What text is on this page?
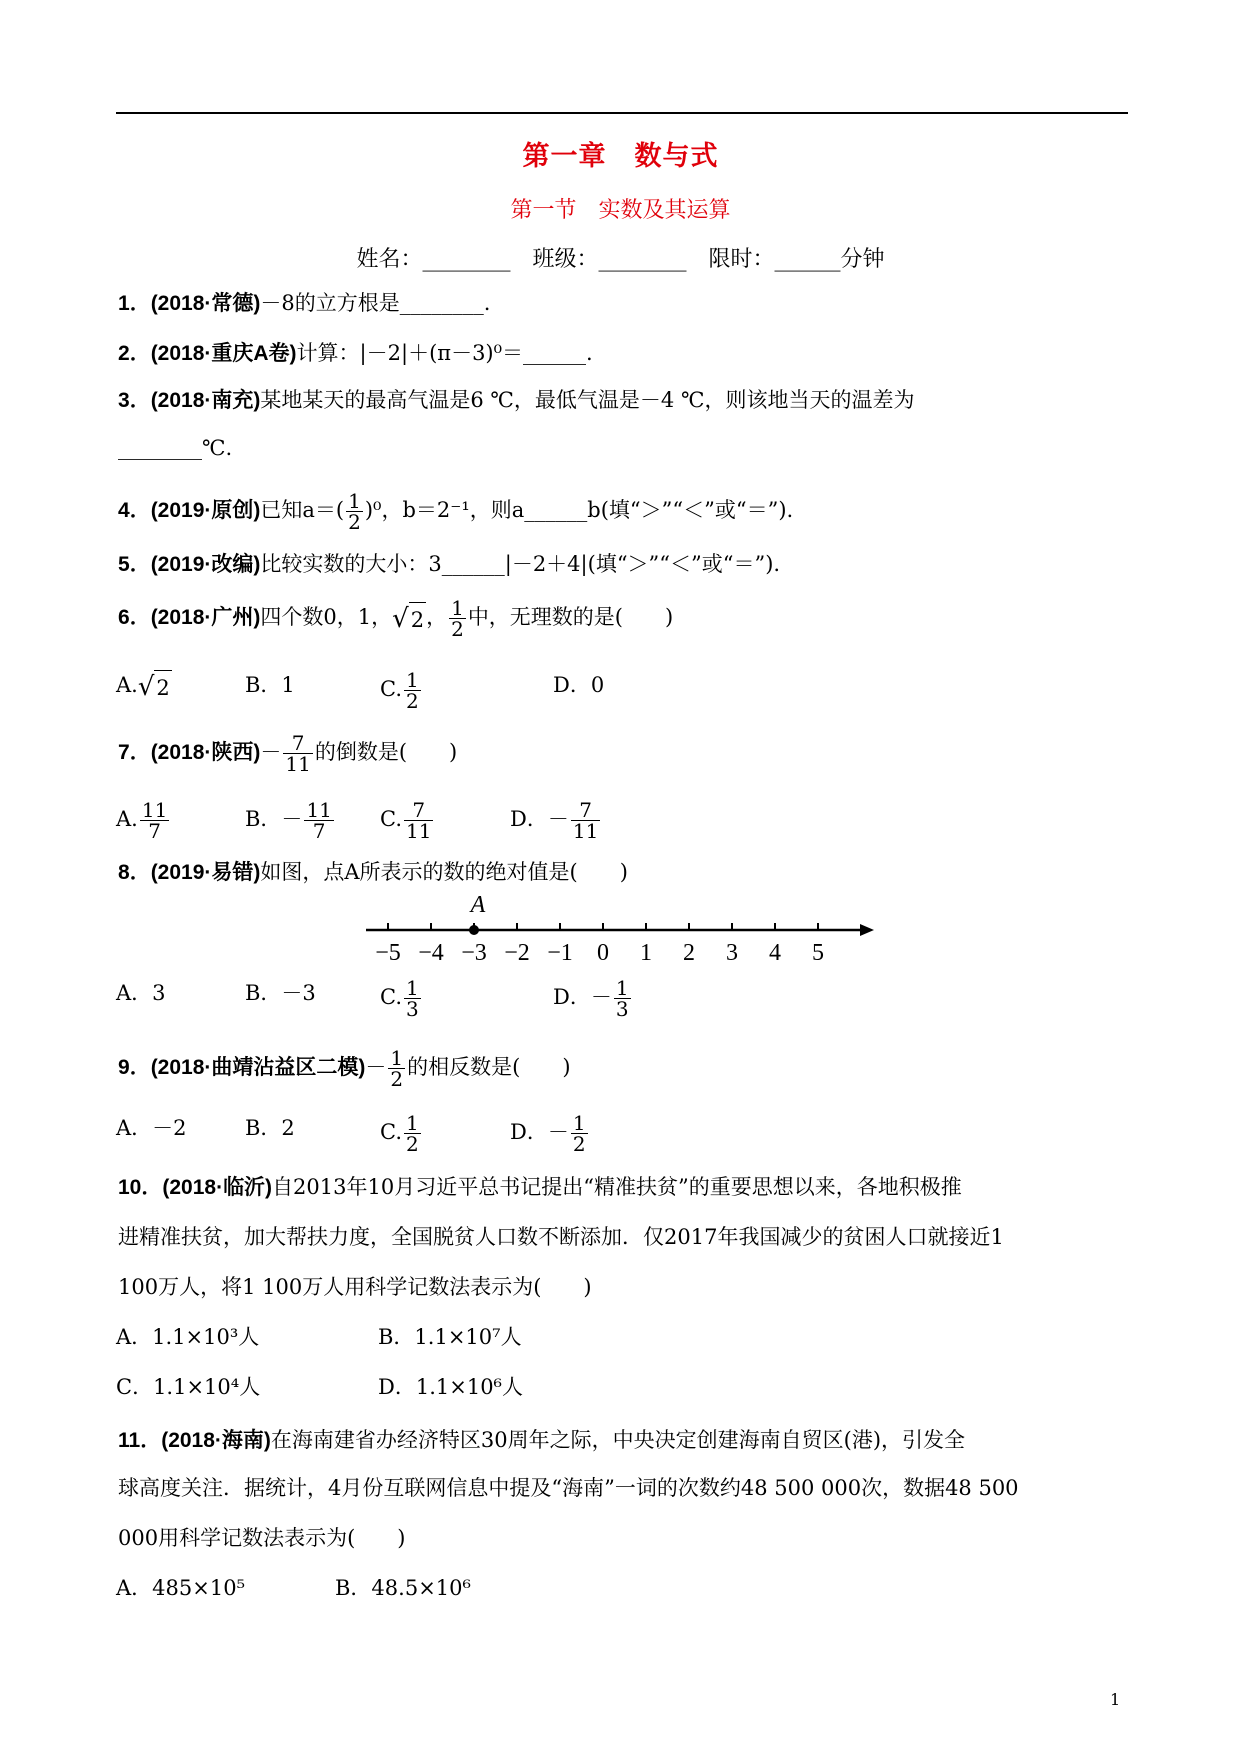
第一章　数与式
第一节　实数及其运算
姓名：________　班级：________　限时：______分钟
1．(2018·常德)－8的立方根是________.
2．(2018·重庆A卷)计算：|－2|＋(π－3)⁰＝______.
3．(2018·南充)某地某天的最高气温是6 ℃，最低气温是－4 ℃，则该地当天的温差为
________℃.
4．(2019·原创)已知$a=( \frac{1}{2} )^0$，b＝2⁻¹，则a______b(填“＞”“＜”或“＝”).
5．(2019·改编)比较实数的大小：3______|－2＋4|(填“＞”“＜”或“＝”).
6．(2018·广州)四个数0，1，√2， $\frac{1}{2}$ 中，无理数的是(　　)
A.√2	B．1	C. $\frac{1}{2}$	D．0
7．(2018·陕西)－ $\frac{7}{11}$ 的倒数是(　　)
A. $\frac{11}{7}$	B．－ $\frac{11}{7} C$. $\frac{7}{11}$	D．－ $\frac{7}{11}$
8．(2019·易错)如图，点A所表示的数的绝对值是(　　)
−5 −4 −3 −2 −1 0 1 2 3 4 5
A
A．3	B．－3	C. $\frac{1}{3}$	D．－ $\frac{1}{3}$
9．(2018·曲靖沾益区二模)－ $\frac{1}{2}$ 的相反数是(　　)
A．－2	B．2	C. $\frac{1}{2}$	D．－ $\frac{1}{2}$
10．(2018·临沂)自2013年10月习近平总书记提出“精准扶贫”的重要思想以来，各地积极推
进精准扶贫，加大帮扶力度，全国脱贫人口数不断添加．仅2017年我国减少的贫困人口就接近1
100万人，将1 100万人用科学记数法表示为(　　)
A．1.1×10³人	B．1.1×10⁷人
C．1.1×10⁴人	D．1.1×10⁶人
11．(2018·海南)在海南建省办经济特区30周年之际，中央决定创建海南自贸区(港)，引发全
球高度关注．据统计，4月份互联网信息中提及“海南”一词的次数约48 500 000次，数据48 500
000用科学记数法表示为(　　)
A．485×10⁵	B．48.5×10⁶
1
